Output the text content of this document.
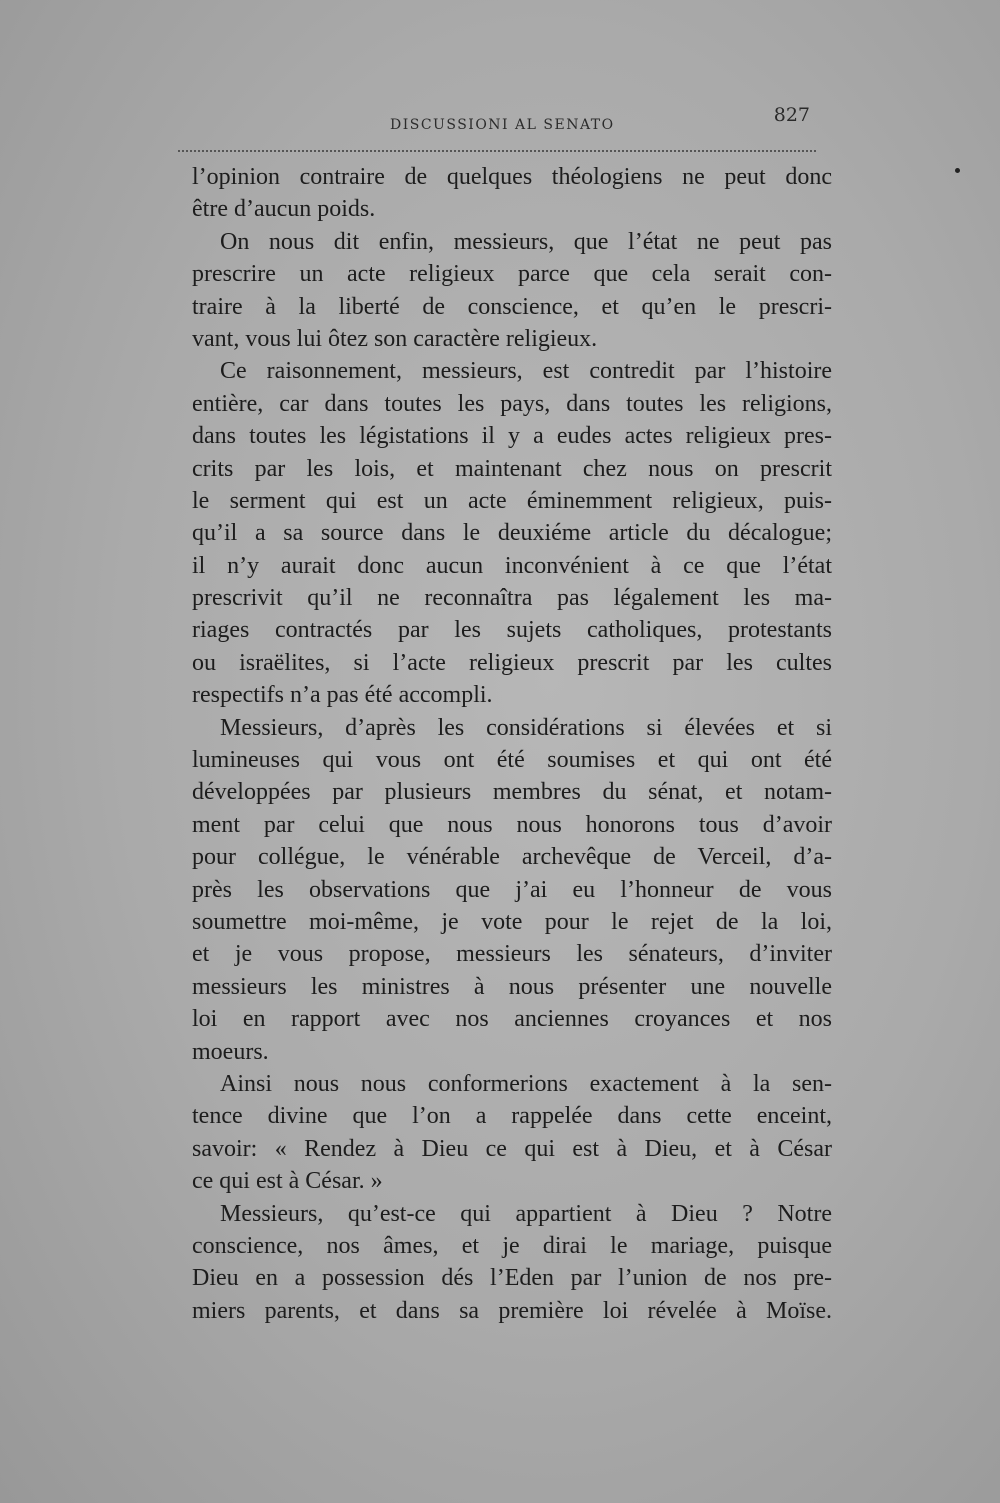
DISCUSSIONI AL SENATO	827
l’opinion contraire de quelques théologiens ne peut donc
être d’aucun poids.
On nous dit enfin, messieurs, que l’état ne peut pas
prescrire un acte religieux parce que cela serait con-
traire à la liberté de conscience, et qu’en le prescri-
vant, vous lui ôtez son caractère religieux.
Ce raisonnement, messieurs, est contredit par l’histoire
entière, car dans toutes les pays, dans toutes les religions,
dans toutes les légistations il y a eudes actes religieux pres-
crits par les lois, et maintenant chez nous on prescrit
le serment qui est un acte éminemment religieux, puis-
qu’il a sa source dans le deuxiéme article du décalogue;
il n’y aurait donc aucun inconvénient à ce que l’état
prescrivit qu’il ne reconnaîtra pas légalement les ma-
riages contractés par les sujets catholiques, protestants
ou israëlites, si l’acte religieux prescrit par les cultes
respectifs n’a pas été accompli.
Messieurs, d’après les considérations si élevées et si
lumineuses qui vous ont été soumises et qui ont été
développées par plusieurs membres du sénat, et notam-
ment par celui que nous nous honorons tous d’avoir
pour collégue, le vénérable archevêque de Verceil, d’a-
près les observations que j’ai eu l’honneur de vous
soumettre moi-même, je vote pour le rejet de la loi,
et je vous propose, messieurs les sénateurs, d’inviter
messieurs les ministres à nous présenter une nouvelle
loi en rapport avec nos anciennes croyances et nos
moeurs.
Ainsi nous nous conformerions exactement à la sen-
tence divine que l’on a rappelée dans cette enceint,
savoir: « Rendez à Dieu ce qui est à Dieu, et à César
ce qui est à César. »
Messieurs, qu’est-ce qui appartient à Dieu ? Notre
conscience, nos âmes, et je dirai le mariage, puisque
Dieu en a possession dés l’Eden par l’union de nos pre-
miers parents, et dans sa première loi révelée à Moïse.
